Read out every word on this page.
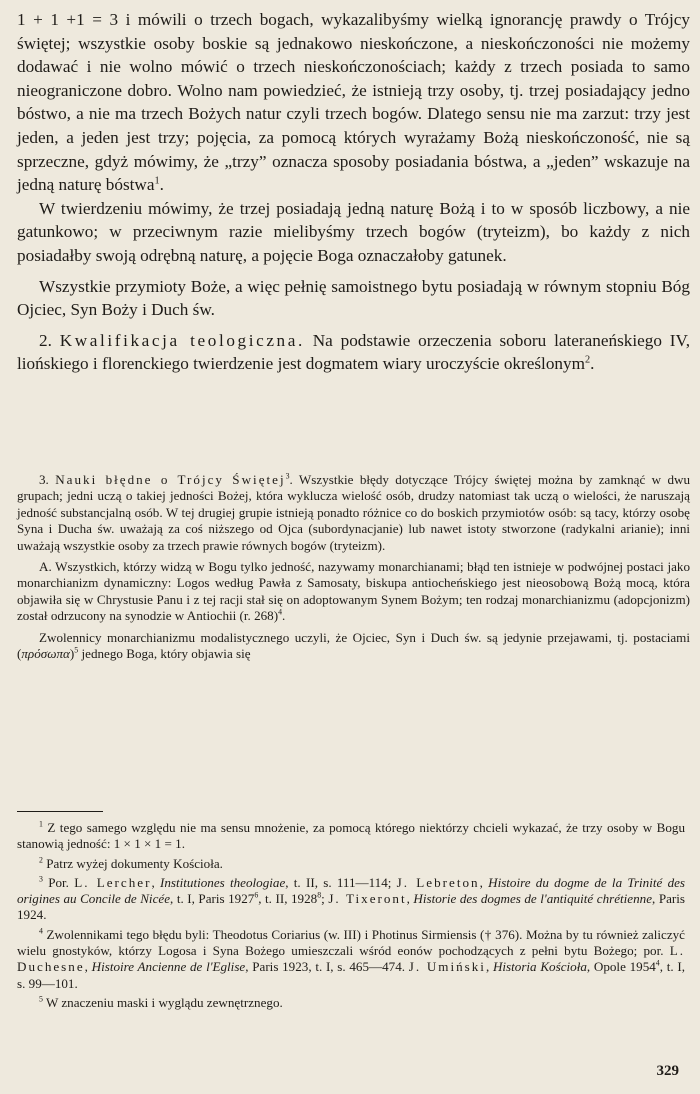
1 + 1 +1 = 3 i mówili o trzech bogach, wykazalibyśmy wielką ignorancję prawdy o Trójcy świętej; wszystkie osoby boskie są jednakowo nieskończone, a nieskończoności nie możemy dodawać i nie wolno mówić o trzech nieskończonościach; każdy z trzech posiada to samo nieograniczone dobro. Wolno nam powiedzieć, że istnieją trzy osoby, tj. trzej posiadający jedno bóstwo, a nie ma trzech Bożych natur czyli trzech bogów. Dlatego sensu nie ma zarzut: trzy jest jeden, a jeden jest trzy; pojęcia, za pomocą których wyrażamy Bożą nieskończoność, nie są sprzeczne, gdyż mówimy, że „trzy” oznacza sposoby posiadania bóstwa, a „jeden” wskazuje na jedną naturę bóstwa$^1$.

W twierdzeniu mówimy, że trzej posiadają jedną naturę Bożą i to w sposób liczbowy, a nie gatunkowo; w przeciwnym razie mielibyśmy trzech bogów (tryteizm), bo każdy z nich posiadałby swoją odrębną naturę, a pojęcie Boga oznaczałoby gatunek.

Wszystkie przymioty Boże, a więc pełnię samoistnego bytu posiadają w równym stopniu Bóg Ojciec, Syn Boży i Duch św.

2. Kwalifikacja teologiczna. Na podstawie orzeczenia soboru lateraneńskiego IV, liońskiego i florenckiego twierdzenie jest dogmatem wiary uroczyście określonym$^2$.

3. Nauki błędne o Trójcy Świętej$^3$. Wszystkie błędy dotyczące Trójcy świętej można by zamknąć w dwu grupach; jedni uczą o takiej jedności Bożej, która wyklucza wielość osób, drudzy natomiast tak uczą o wielości, że naruszają jedność substancjalną osób. W tej drugiej grupie istnieją ponadto różnice co do boskich przymiotów osób: są tacy, którzy osobę Syna i Ducha św. uważają za coś niższego od Ojca (subordynacjanie) lub nawet istoty stworzone (radykalni arianie); inni uważają wszystkie osoby za trzech prawie równych bogów (tryteizm).

A. Wszystkich, którzy widzą w Bogu tylko jedność, nazywamy monarchianami; błąd ten istnieje w podwójnej postaci jako monarchianizm dynamiczny: Logos według Pawła z Samosaty, biskupa antiocheńskiego jest nieosobową Bożą mocą, która objawiła się w Chrystusie Panu i z tej racji stał się on adoptowanym Synem Bożym; ten rodzaj monarchianizmu (adopcjonizm) został odrzucony na synodzie w Antiochii (r. 268)$^4$.

Zwolennicy monarchianizmu modalistycznego uczyli, że Ojciec, Syn i Duch św. są jedynie przejawami, tj. postaciami $(\pi\rho ό\sigma\omega\pi\alpha)^5$ jednego Boga, który objawia się

$^1$ Z tego samego względu nie ma sensu mnożenie, za pomocą którego niektórzy chcieli wykazać, że trzy osoby w Bogu stanowią jedność: 1 × 1 × 1 = 1.

$^2$ Patrz wyżej dokumenty Kościoła.

$^3$ Por. L. Lercher, Institutiones theologiae, t. II, s. 111—114; J. Lebreton, Histoire du dogme de la Trinité des origines au Concile de Nicée, t. I, Paris 1927$^6$, t. II, 1928$^8$; J. Tixeront, Historie des dogmes de l'antiquité chrétienne, Paris 1924.

$^4$ Zwolennikami tego błędu byli: Theodotus Coriarius (w. III) i Photinus Sirmiensis († 376). Można by tu również zaliczyć wielu gnostyków, którzy Logosa i Syna Bożego umieszczali wśród eonów pochodzących z pełni bytu Bożego; por. L. Duchesne, Histoire Ancienne de l'Eglise, Paris 1923, t. I, s. 465—474. J. Umiński, Historia Kościoła, Opole 1954$^4$, t. I, s. 99—101.

$^5$ W znaczeniu maski i wyglądu zewnętrznego.

329
